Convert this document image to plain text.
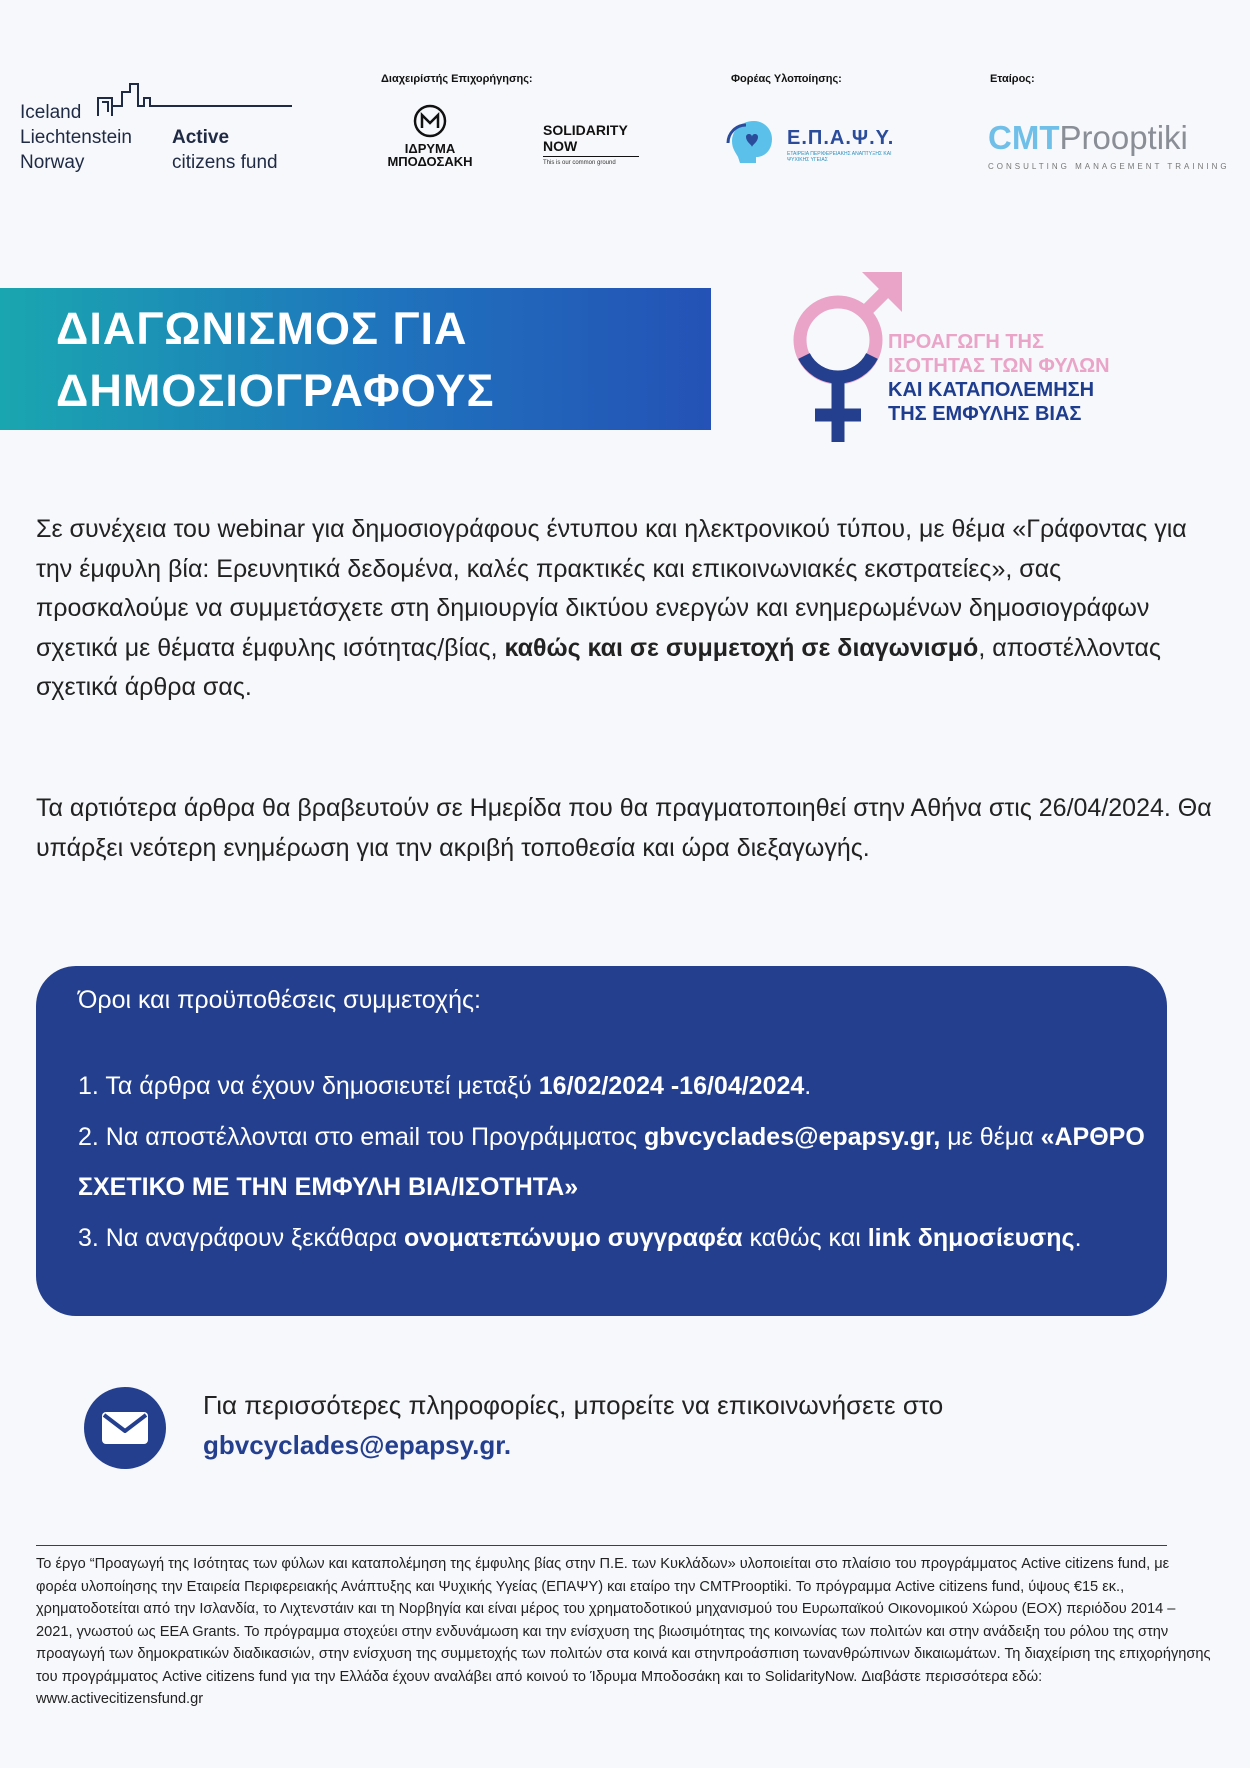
Iceland
Liechtenstein
Norway
Active
citizens fund
Διαχειρίστής Επιχορήγησης:	Φορέας Υλοποίησης:	Εταίρος:
ΙΔΡΥΜΑ ΜΠΟΔΟΣΑΚΗ
SOLIDARITY NOW
This is our common ground
Ε.Π.Α.Ψ.Υ.
ΕΤΑΙΡΕΙΑ ΠΕΡΙΦΕΡΕΙΑΚΗΣ ΑΝΑΠΤΥΞΗΣ ΚΑΙ ΨΥΧΙΚΗΣ ΥΓΕΙΑΣ
CMTProoptiki
CONSULTING MANAGEMENT TRAINING
ΔΙΑΓΩΝΙΣΜΟΣ ΓΙΑ
ΔΗΜΟΣΙΟΓΡΑΦΟΥΣ
ΠΡΟΑΓΩΓΗ ΤΗΣ
ΙΣΟΤΗΤΑΣ ΤΩΝ ΦΥΛΩΝ
ΚΑΙ ΚΑΤΑΠΟΛΕΜΗΣΗ
ΤΗΣ ΕΜΦΥΛΗΣ ΒΙΑΣ
Σε συνέχεια του webinar για δημοσιογράφους έντυπου και ηλεκτρονικού τύπου, με θέμα «Γράφοντας για την έμφυλη βία: Ερευνητικά δεδομένα, καλές πρακτικές και επικοινωνιακές εκστρατείες», σας προσκαλούμε να συμμετάσχετε στη δημιουργία δικτύου ενεργών και ενημερωμένων δημοσιογράφων σχετικά με θέματα έμφυλης ισότητας/βίας, καθώς και σε συμμετοχή σε διαγωνισμό, αποστέλλοντας σχετικά άρθρα σας.
Τα αρτιότερα άρθρα θα βραβευτούν σε Ημερίδα που θα πραγματοποιηθεί στην Αθήνα στις 26/04/2024. Θα υπάρξει νεότερη ενημέρωση για την ακριβή τοποθεσία και ώρα διεξαγωγής.
Όροι και προϋποθέσεις συμμετοχής:
1. Τα άρθρα να έχουν δημοσιευτεί μεταξύ 16/02/2024 -16/04/2024.
2. Να αποστέλλονται στο email του Προγράμματος gbvcyclades@epapsy.gr, με θέμα «ΑΡΘΡΟ ΣΧΕΤΙΚΟ ΜΕ ΤΗΝ ΕΜΦΥΛΗ ΒΙΑ/ΙΣΟΤΗΤΑ»
3. Να αναγράφουν ξεκάθαρα ονοματεπώνυμο συγγραφέα καθώς και link δημοσίευσης.
Για περισσότερες πληροφορίες, μπορείτε να επικοινωνήσετε στο
gbvcyclades@epapsy.gr.
Το έργο “Προαγωγή της Ισότητας των φύλων και καταπολέμηση της έμφυλης βίας στην Π.Ε. των Κυκλάδων» υλοποιείται στο πλαίσιο του προγράμματος Active citizens fund, με φορέα υλοποίησης την Εταιρεία Περιφερειακής Ανάπτυξης και Ψυχικής Υγείας (ΕΠΑΨΥ) και εταίρο την CMTProoptiki. Το πρόγραμμα Active citizens fund, ύψους €15 εκ., χρηματοδοτείται από την Ισλανδία, το Λιχτενστάιν και τη Νορβηγία και είναι μέρος του χρηματοδοτικού μηχανισμού του Ευρωπαϊκού Οικονομικού Χώρου (ΕΟΧ) περιόδου 2014 – 2021, γνωστού ως EEA Grants. Το πρόγραμμα στοχεύει στην ενδυνάμωση και την ενίσχυση της βιωσιμότητας της κοινωνίας των πολιτών και στην ανάδειξη του ρόλου της στην προαγωγή των δημοκρατικών διαδικασιών, στην ενίσχυση της συμμετοχής των πολιτών στα κοινά και στηνπροάσπιση τωνανθρώπινων δικαιωμάτων. Τη διαχείριση της επιχορήγησης του προγράμματος Active citizens fund για την Ελλάδα έχουν αναλάβει από κοινού το Ίδρυμα Μποδοσάκη και το SolidarityNow. Διαβάστε περισσότερα εδώ: www.activecitizensfund.gr
